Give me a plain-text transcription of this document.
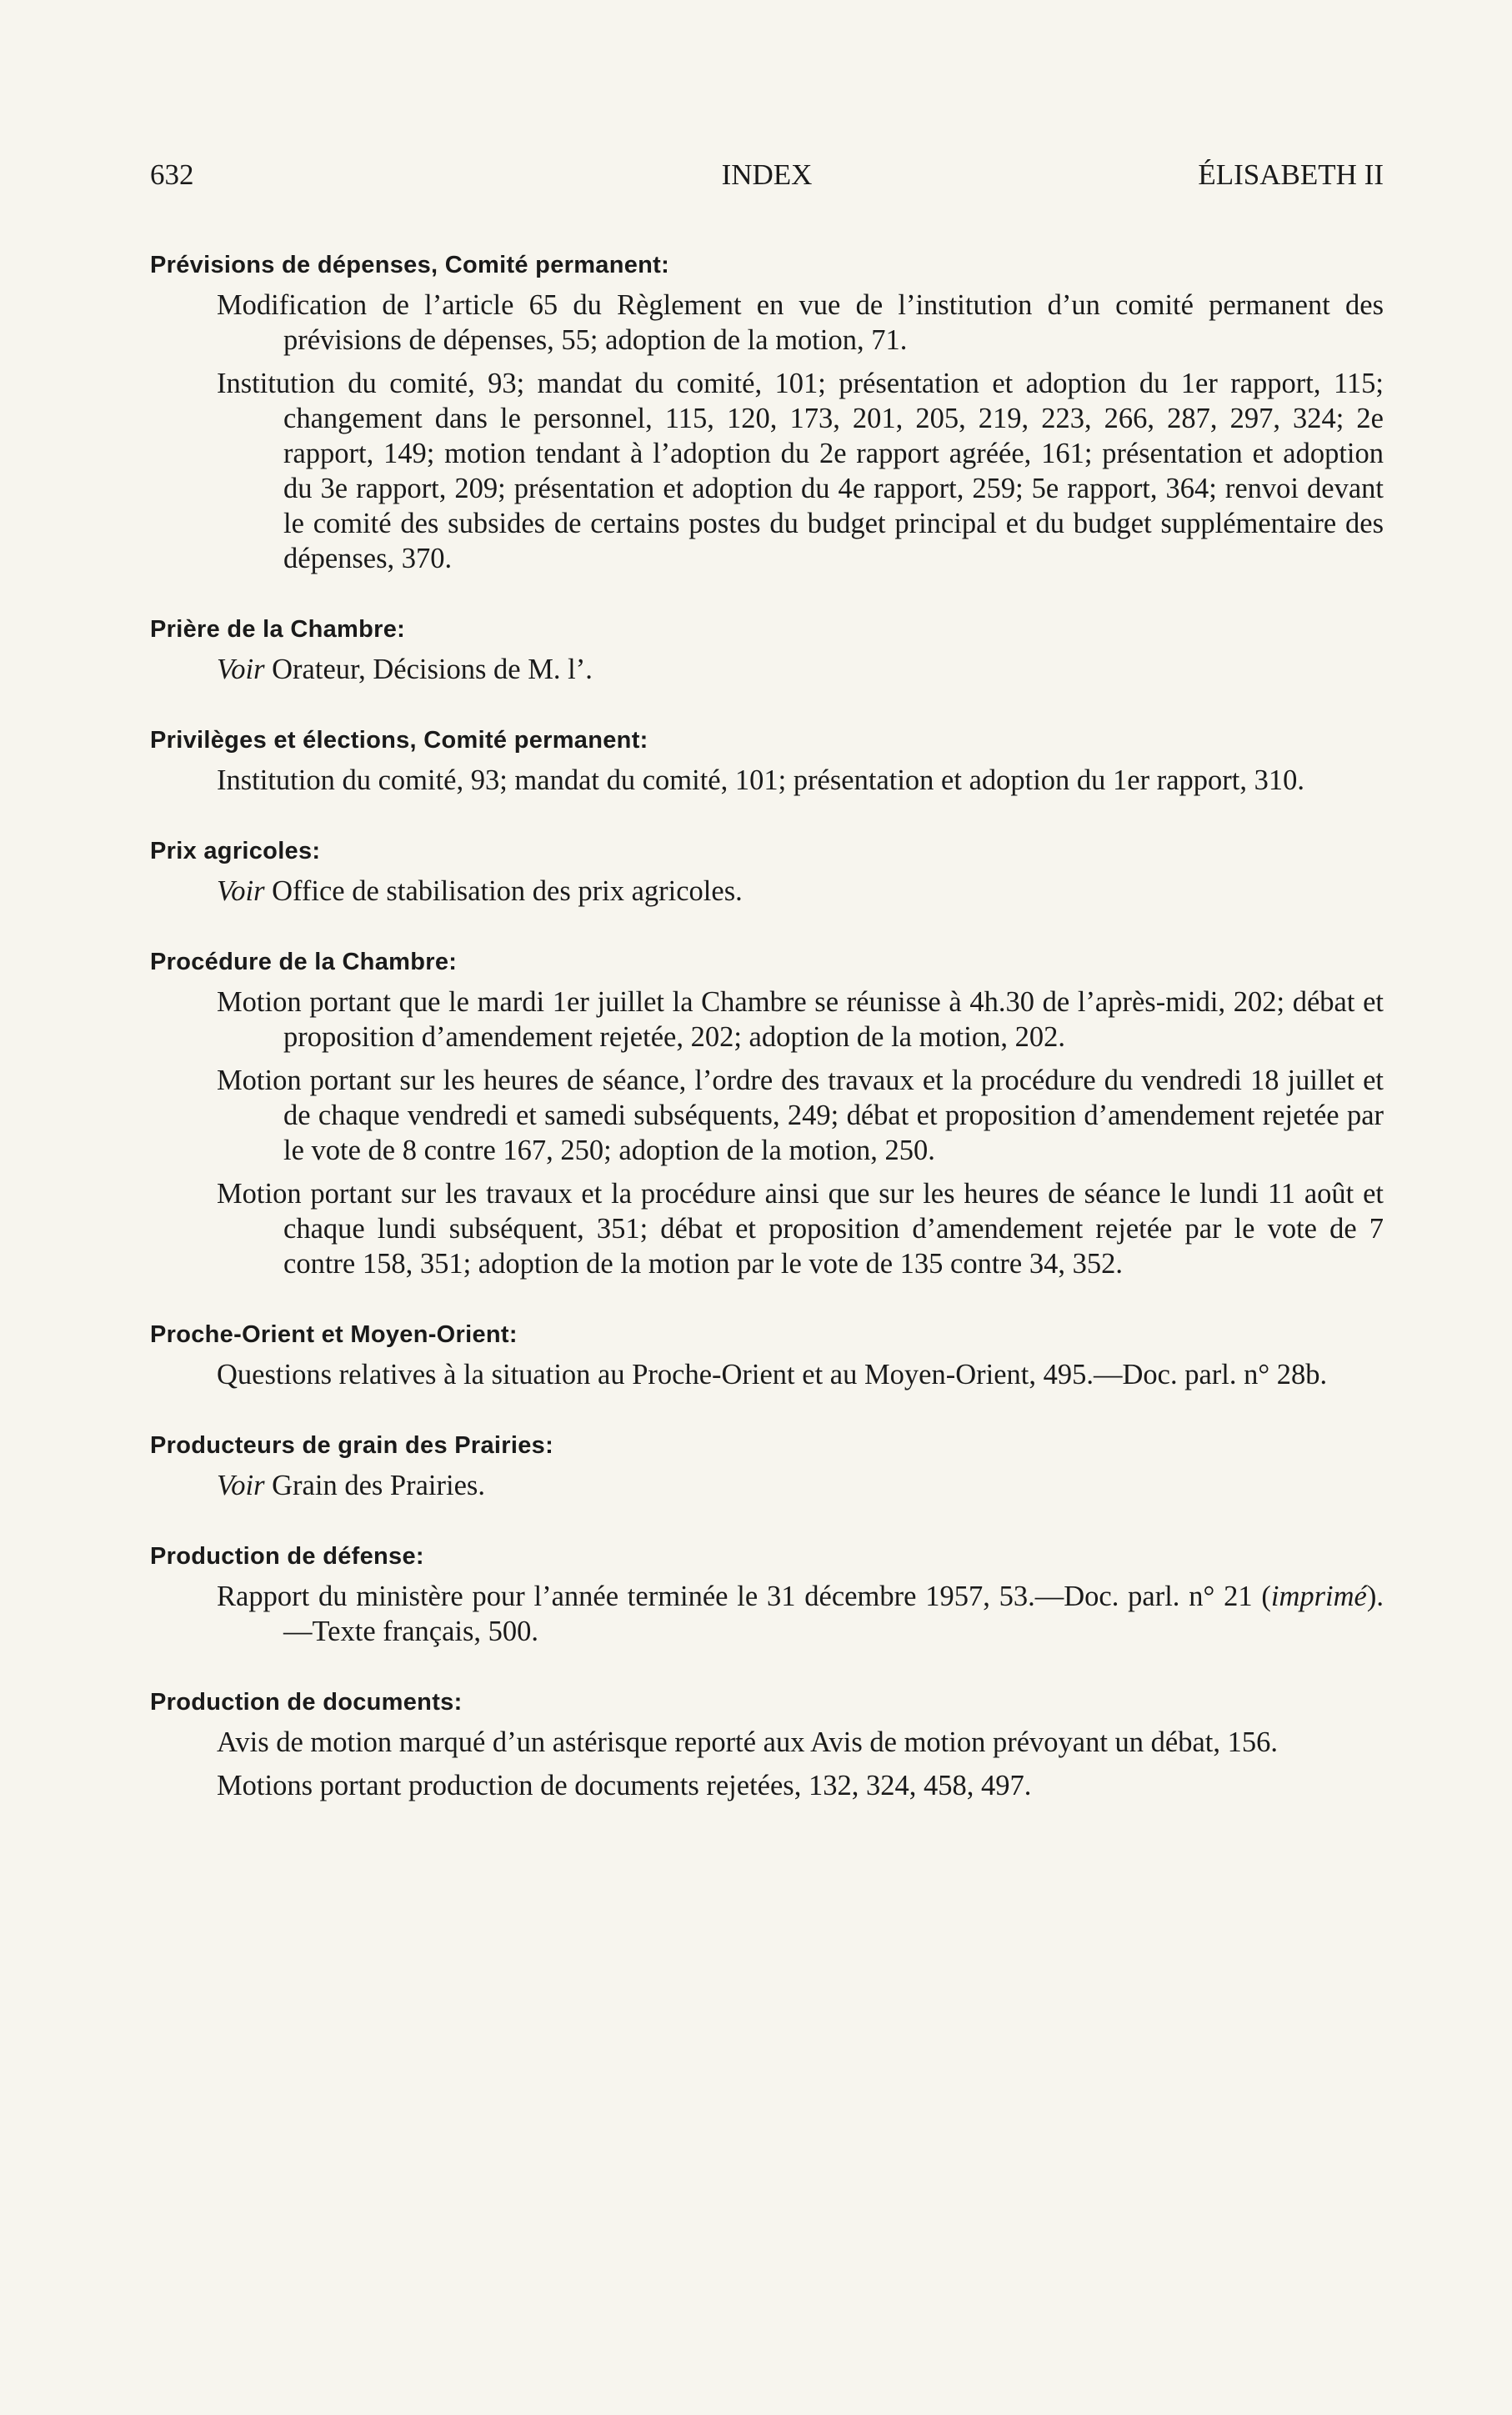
632	INDEX	ÉLISABETH II
Prévisions de dépenses, Comité permanent:

Modification de l’article 65 du Règlement en vue de l’institution d’un comité permanent des prévisions de dépenses, 55; adoption de la motion, 71.

Institution du comité, 93; mandat du comité, 101; présentation et adoption du 1er rapport, 115; changement dans le personnel, 115, 120, 173, 201, 205, 219, 223, 266, 287, 297, 324; 2e rapport, 149; motion tendant à l’adoption du 2e rapport agréée, 161; présentation et adoption du 3e rapport, 209; présentation et adoption du 4e rapport, 259; 5e rapport, 364; renvoi devant le comité des subsides de certains postes du budget principal et du budget supplémentaire des dépenses, 370.

Prière de la Chambre:

Voir Orateur, Décisions de M. l’.

Privilèges et élections, Comité permanent:

Institution du comité, 93; mandat du comité, 101; présentation et adoption du 1er rapport, 310.

Prix agricoles:

Voir Office de stabilisation des prix agricoles.

Procédure de la Chambre:

Motion portant que le mardi 1er juillet la Chambre se réunisse à 4h.30 de l’après-midi, 202; débat et proposition d’amendement rejetée, 202; adoption de la motion, 202.

Motion portant sur les heures de séance, l’ordre des travaux et la procédure du vendredi 18 juillet et de chaque vendredi et samedi subséquents, 249; débat et proposition d’amendement rejetée par le vote de 8 contre 167, 250; adoption de la motion, 250.

Motion portant sur les travaux et la procédure ainsi que sur les heures de séance le lundi 11 août et chaque lundi subséquent, 351; débat et proposition d’amendement rejetée par le vote de 7 contre 158, 351; adoption de la motion par le vote de 135 contre 34, 352.

Proche-Orient et Moyen-Orient:

Questions relatives à la situation au Proche-Orient et au Moyen-Orient, 495.—Doc. parl. n° 28b.

Producteurs de grain des Prairies:

Voir Grain des Prairies.

Production de défense:

Rapport du ministère pour l’année terminée le 31 décembre 1957, 53.—Doc. parl. n° 21 (imprimé).—Texte français, 500.

Production de documents:

Avis de motion marqué d’un astérisque reporté aux Avis de motion prévoyant un débat, 156.

Motions portant production de documents rejetées, 132, 324, 458, 497.
